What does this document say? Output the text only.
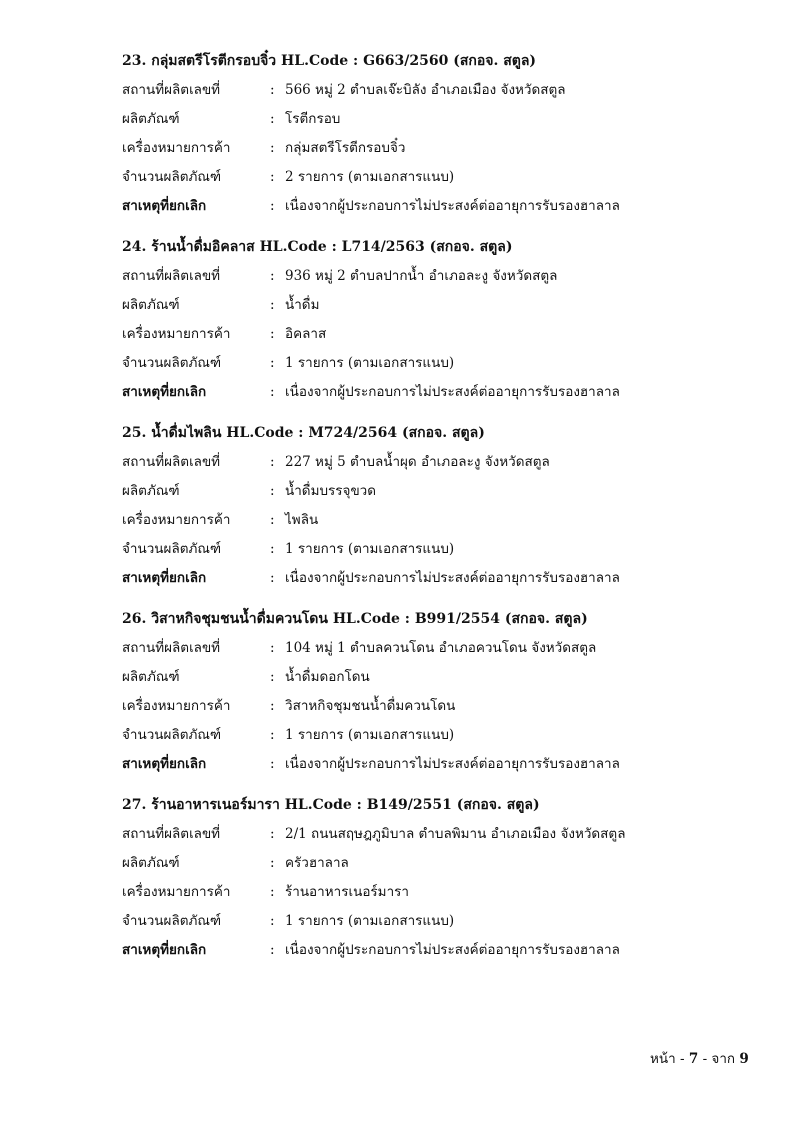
23. กลุ่มสตรีโรตีกรอบจิ๋ว HL.Code : G663/2560 (สกอจ. สตูล)
สถานที่ผลิตเลขที่	: 566 หมู่ 2 ตำบลเจ๊ะบิลัง อำเภอเมือง จังหวัดสตูล
ผลิตภัณฑ์	: โรตีกรอบ
เครื่องหมายการค้า	: กลุ่มสตรีโรตีกรอบจิ๋ว
จำนวนผลิตภัณฑ์	: 2 รายการ (ตามเอกสารแนบ)
สาเหตุที่ยกเลิก	: เนื่องจากผู้ประกอบการไม่ประสงค์ต่ออายุการรับรองฮาลาล
24. ร้านน้ำดื่มอิคลาส HL.Code : L714/2563 (สกอจ. สตูล)
สถานที่ผลิตเลขที่	: 936 หมู่ 2 ตำบลปากน้ำ อำเภอละงู จังหวัดสตูล
ผลิตภัณฑ์	: น้ำดื่ม
เครื่องหมายการค้า	: อิคลาส
จำนวนผลิตภัณฑ์	: 1 รายการ (ตามเอกสารแนบ)
สาเหตุที่ยกเลิก	: เนื่องจากผู้ประกอบการไม่ประสงค์ต่ออายุการรับรองฮาลาล
25. น้ำดื่มไพลิน HL.Code : M724/2564 (สกอจ. สตูล)
สถานที่ผลิตเลขที่	: 227 หมู่ 5 ตำบลน้ำผุด อำเภอละงู จังหวัดสตูล
ผลิตภัณฑ์	: น้ำดื่มบรรจุขวด
เครื่องหมายการค้า	: ไพลิน
จำนวนผลิตภัณฑ์	: 1 รายการ (ตามเอกสารแนบ)
สาเหตุที่ยกเลิก	: เนื่องจากผู้ประกอบการไม่ประสงค์ต่ออายุการรับรองฮาลาล
26. วิสาหกิจชุมชนน้ำดื่มควนโดน HL.Code : B991/2554 (สกอจ. สตูล)
สถานที่ผลิตเลขที่	: 104 หมู่ 1 ตำบลควนโดน อำเภอควนโดน จังหวัดสตูล
ผลิตภัณฑ์	: น้ำดื่มดอกโดน
เครื่องหมายการค้า	: วิสาหกิจชุมชนน้ำดื่มควนโดน
จำนวนผลิตภัณฑ์	: 1 รายการ (ตามเอกสารแนบ)
สาเหตุที่ยกเลิก	: เนื่องจากผู้ประกอบการไม่ประสงค์ต่ออายุการรับรองฮาลาล
27. ร้านอาหารเนอร์มารา HL.Code : B149/2551 (สกอจ. สตูล)
สถานที่ผลิตเลขที่	: 2/1 ถนนสฤษฎภูมิบาล ตำบลพิมาน อำเภอเมือง จังหวัดสตูล
ผลิตภัณฑ์	: ครัวฮาลาล
เครื่องหมายการค้า	: ร้านอาหารเนอร์มารา
จำนวนผลิตภัณฑ์	: 1 รายการ (ตามเอกสารแนบ)
สาเหตุที่ยกเลิก	: เนื่องจากผู้ประกอบการไม่ประสงค์ต่ออายุการรับรองฮาลาล
หน้า - 7 - จาก 9
